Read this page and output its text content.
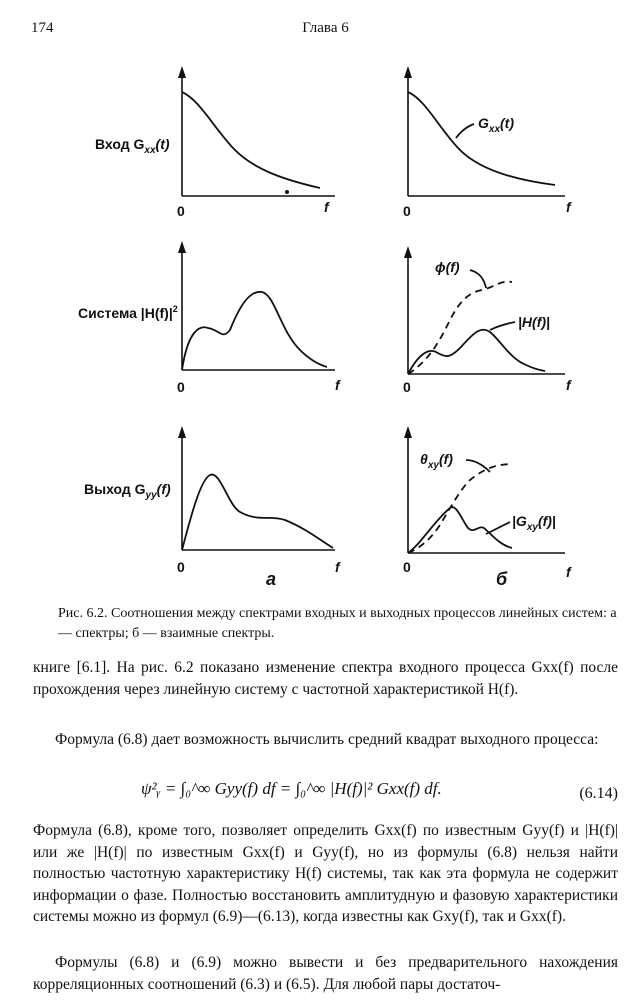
174	Глава 6
Вход $G_{xx}(t)$
Система $|H(f)|^2$
Выход $G_{yy}(f)$
$G_{xx}(t)$
ϕ(f)
|H(f)|
$\theta_{xy}(f)$
$|G_{xy}(f)|$
0	0
0	0
0	0
f	f
f	f
f	f
а	б
Рис. 6.2. Соотношения между спектрами входных и выходных процессов линейных систем: а — спектры; б — взаимные спектры.
книге [6.1]. На рис. 6.2 показано изменение спектра входного процесса Gxx(f) после прохождения через линейную систему с частотной характеристикой H(f).
Формула (6.8) дает возможность вычислить средний квадрат выходного процесса:
ψ²ᵧ = ∫₀^∞ Gyy(f) df = ∫₀^∞ |H(f)|² Gxx(f) df.	(6.14)
Формула (6.8), кроме того, позволяет определить Gxx(f) по известным Gyy(f) и |H(f)| или же |H(f)| по известным Gxx(f) и Gyy(f), но из формулы (6.8) нельзя найти полностью частотную характеристику H(f) системы, так как эта формула не содержит информации о фазе. Полностью восстановить амплитудную и фазовую характеристики системы можно из формул (6.9)—(6.13), когда известны как Gxy(f), так и Gxx(f).
Формулы (6.8) и (6.9) можно вывести и без предварительного нахождения корреляционных соотношений (6.3) и (6.5). Для любой пары достаточ-
